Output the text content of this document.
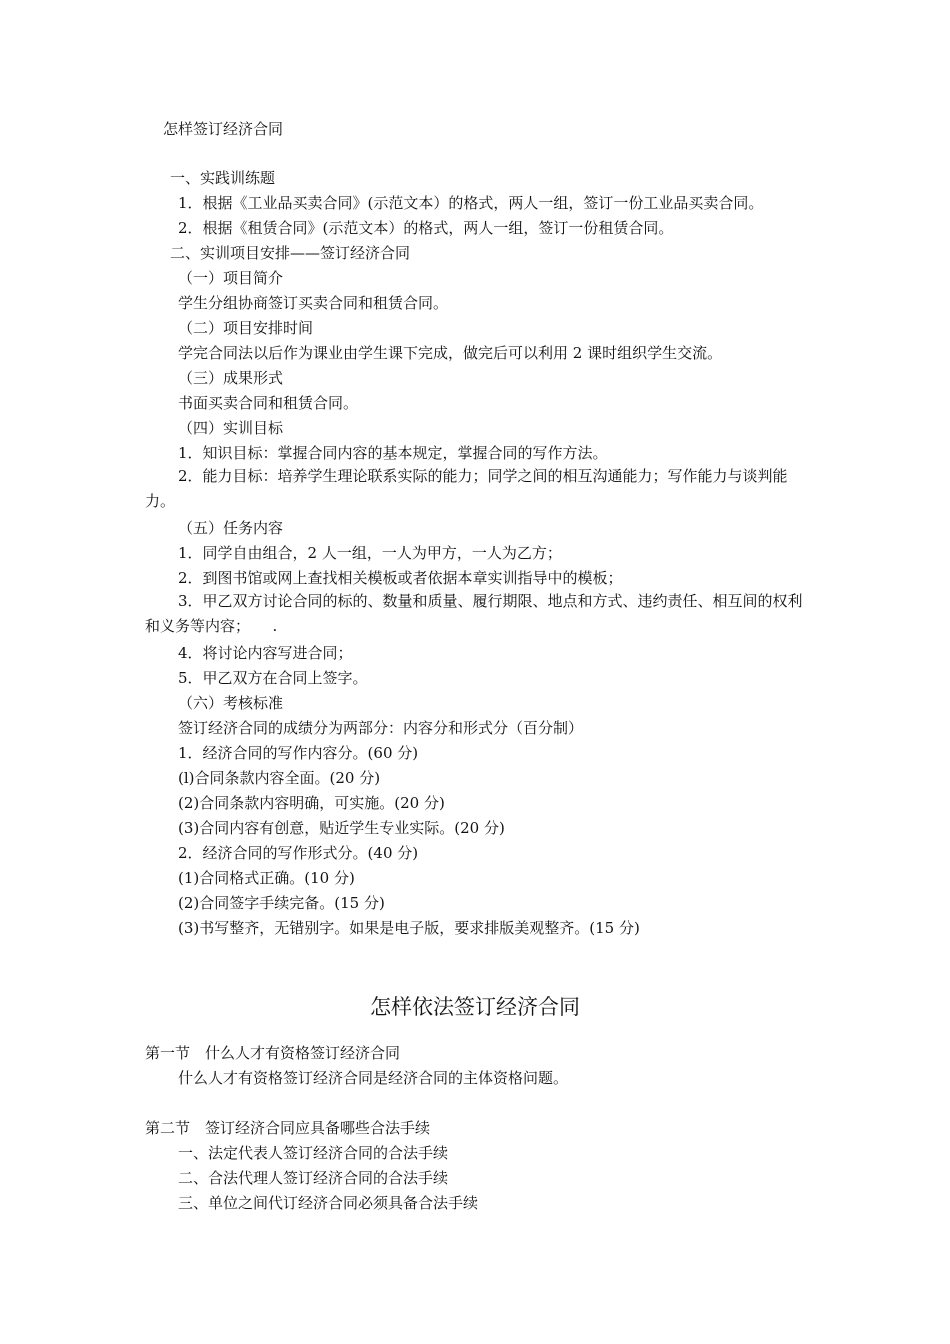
怎样签订经济合同
一、实践训练题
1．根据《工业品买卖合同》(示范文本）的格式，两人一组，签订一份工业品买卖合同。
2．根据《租赁合同》(示范文本）的格式，两人一组，签订一份租赁合同。
二、实训项目安排——签订经济合同
（一）项目简介
学生分组协商签订买卖合同和租赁合同。
（二）项目安排时间
学完合同法以后作为课业由学生课下完成，做完后可以利用 2 课时组织学生交流。
（三）成果形式
书面买卖合同和租赁合同。
（四）实训目标
1．知识目标：掌握合同内容的基本规定，掌握合同的写作方法。
2．能力目标：培养学生理论联系实际的能力；同学之间的相互沟通能力；写作能力与谈判能力。
（五）任务内容
1．同学自由组合，2 人一组，一人为甲方，一人为乙方；
2．到图书馆或网上查找相关模板或者依据本章实训指导中的模板；
3．甲乙双方讨论合同的标的、数量和质量、履行期限、地点和方式、违约责任、相互间的权利和义务等内容；　　.
4．将讨论内容写进合同；
5．甲乙双方在合同上签字。
（六）考核标准
签订经济合同的成绩分为两部分：内容分和形式分（百分制）
1．经济合同的写作内容分。(60 分)
(l)合同条款内容全面。(20 分)
(2)合同条款内容明确，可实施。(20 分)
(3)合同内容有创意，贴近学生专业实际。(20 分)
2．经济合同的写作形式分。(40 分)
(1)合同格式正确。(10 分)
(2)合同签字手续完备。(15 分)
(3)书写整齐，无错别字。如果是电子版，要求排版美观整齐。(15 分)
怎样依法签订经济合同
第一节　什么人才有资格签订经济合同
什么人才有资格签订经济合同是经济合同的主体资格问题。
第二节　签订经济合同应具备哪些合法手续
一、法定代表人签订经济合同的合法手续
二、合法代理人签订经济合同的合法手续
三、单位之间代订经济合同必须具备合法手续
